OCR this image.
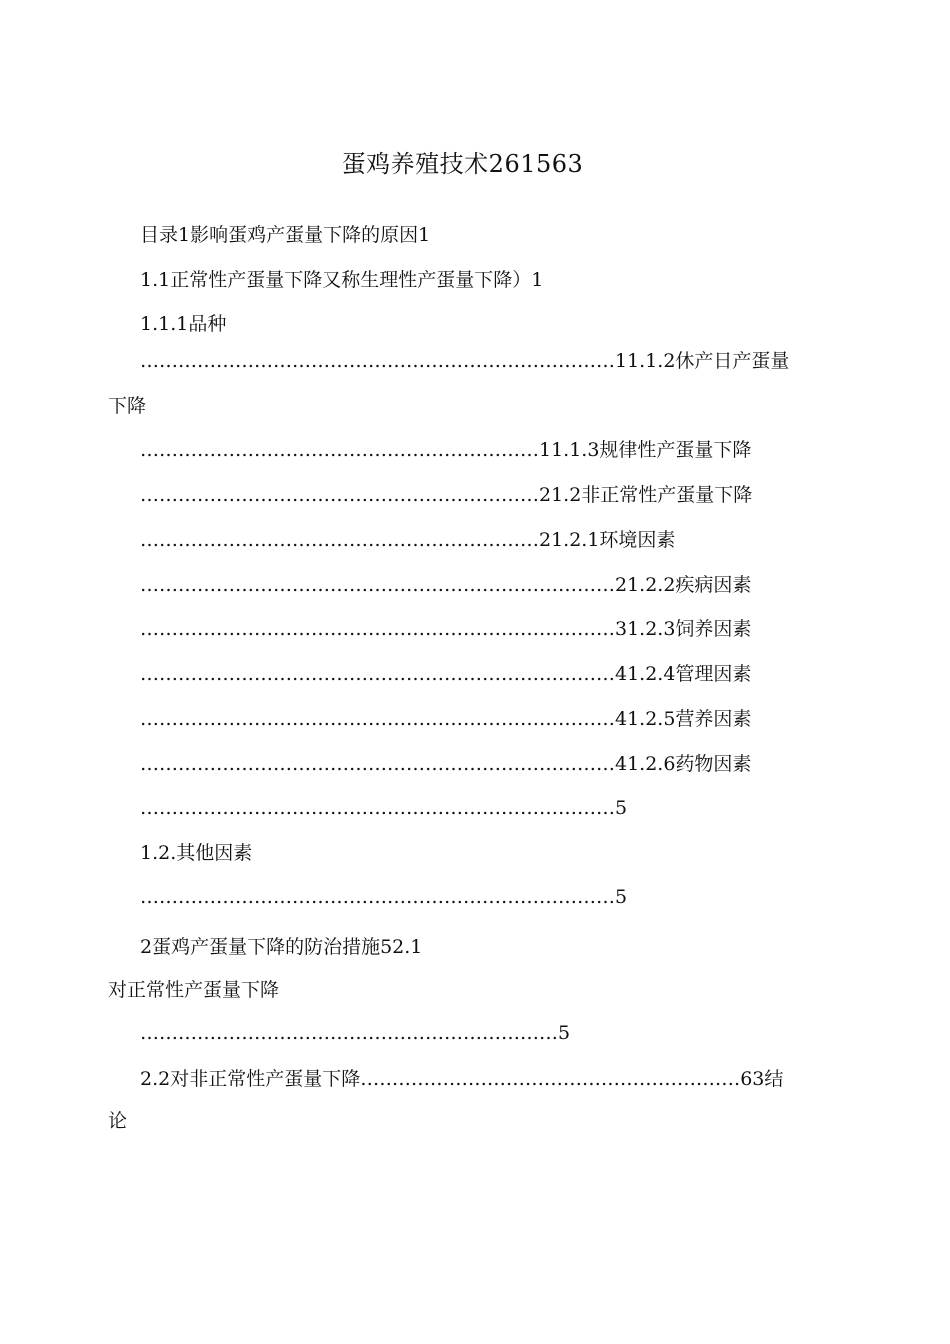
蛋鸡养殖技术261563
目录1影响蛋鸡产蛋量下降的原因1
1.1正常性产蛋量下降又称生理性产蛋量下降）1
1.1.1品种
…………………………………………………………………11.1.2休产日产蛋量
下降
………………………………………………………11.1.3规律性产蛋量下降
………………………………………………………21.2非正常性产蛋量下降
………………………………………………………21.2.1环境因素
…………………………………………………………………21.2.2疾病因素
…………………………………………………………………31.2.3饲养因素
…………………………………………………………………41.2.4管理因素
…………………………………………………………………41.2.5营养因素
…………………………………………………………………41.2.6药物因素
…………………………………………………………………5
1.2.其他因素
…………………………………………………………………5
2蛋鸡产蛋量下降的防治措施52.1
对正常性产蛋量下降
…………………………………………………………5
2.2对非正常性产蛋量下降……………………………………………………63结
论
